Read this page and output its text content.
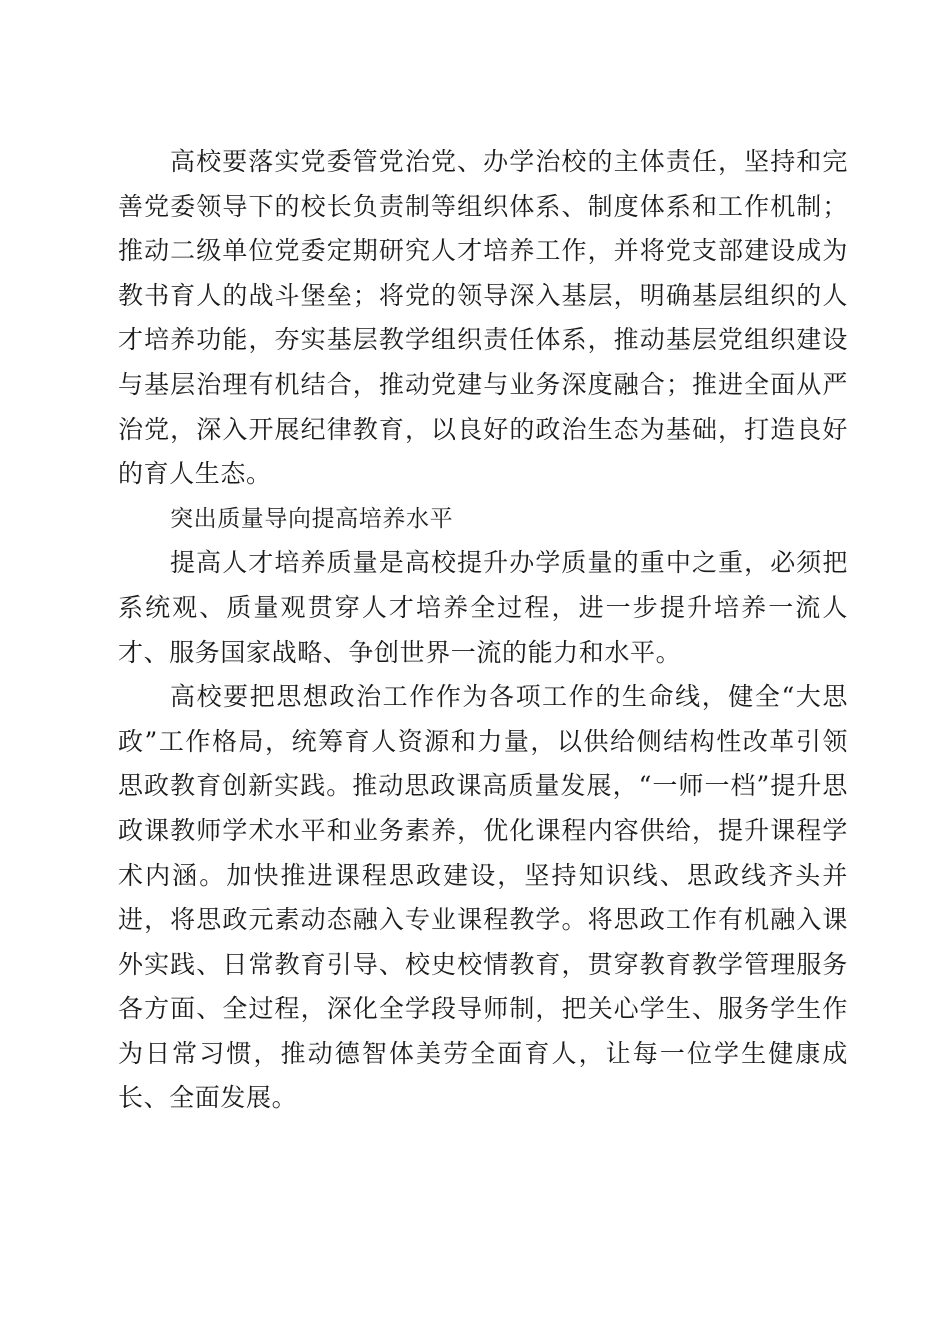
高校要落实党委管党治党、办学治校的主体责任，坚持和完善党委领导下的校长负责制等组织体系、制度体系和工作机制；推动二级单位党委定期研究人才培养工作，并将党支部建设成为教书育人的战斗堡垒；将党的领导深入基层，明确基层组织的人才培养功能，夯实基层教学组织责任体系，推动基层党组织建设与基层治理有机结合，推动党建与业务深度融合；推进全面从严治党，深入开展纪律教育，以良好的政治生态为基础，打造良好的育人生态。

突出质量导向提高培养水平

提高人才培养质量是高校提升办学质量的重中之重，必须把系统观、质量观贯穿人才培养全过程，进一步提升培养一流人才、服务国家战略、争创世界一流的能力和水平。

高校要把思想政治工作作为各项工作的生命线，健全“大思政”工作格局，统筹育人资源和力量，以供给侧结构性改革引领思政教育创新实践。推动思政课高质量发展，“一师一档”提升思政课教师学术水平和业务素养，优化课程内容供给，提升课程学术内涵。加快推进课程思政建设，坚持知识线、思政线齐头并进，将思政元素动态融入专业课程教学。将思政工作有机融入课外实践、日常教育引导、校史校情教育，贯穿教育教学管理服务各方面、全过程，深化全学段导师制，把关心学生、服务学生作为日常习惯，推动德智体美劳全面育人，让每一位学生健康成长、全面发展。
